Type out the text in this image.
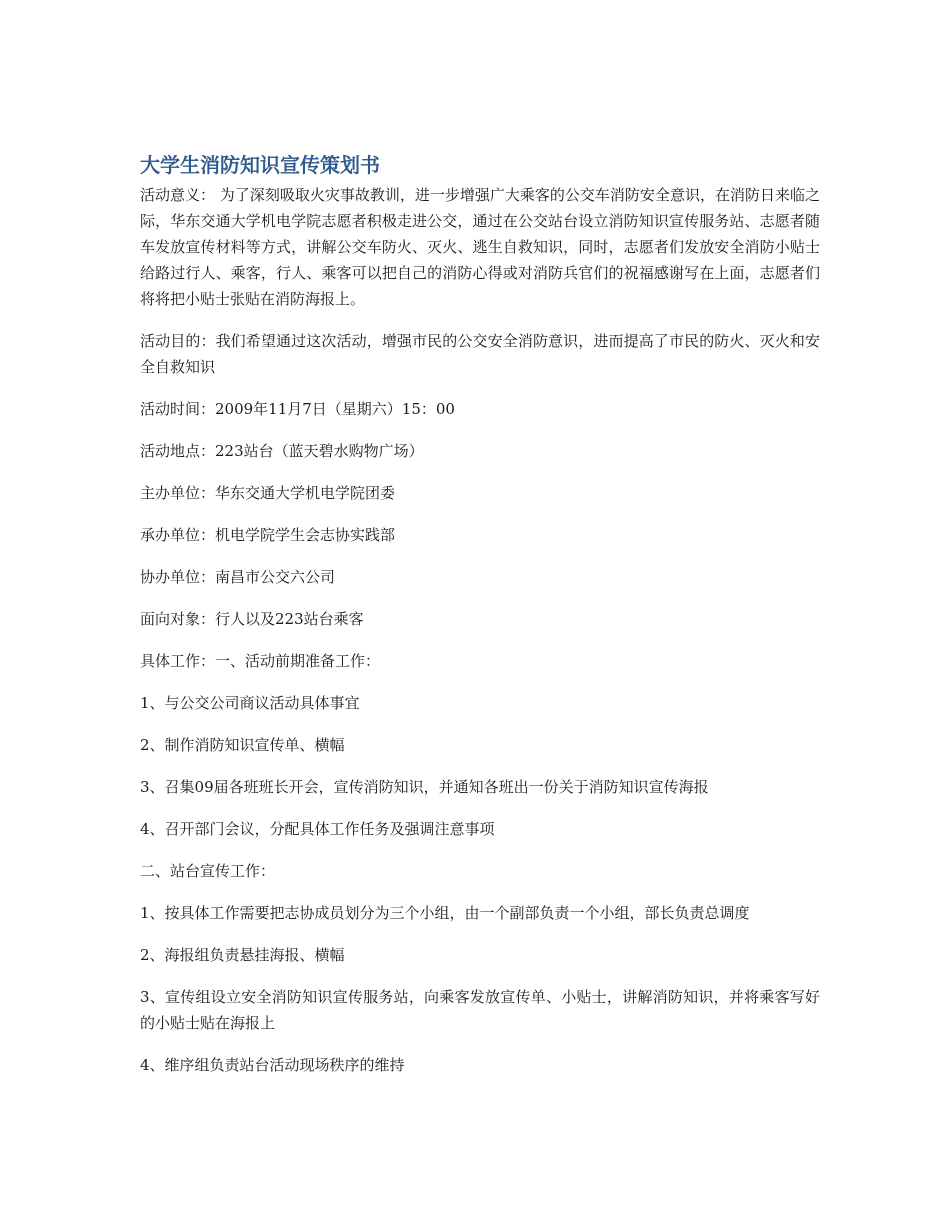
大学生消防知识宣传策划书

活动意义： 为了深刻吸取火灾事故教训，进一步增强广大乘客的公交车消防安全意识，在消防日来临之际，华东交通大学机电学院志愿者积极走进公交，通过在公交站台设立消防知识宣传服务站、志愿者随车发放宣传材料等方式，讲解公交车防火、灭火、逃生自救知识，同时，志愿者们发放安全消防小贴士给路过行人、乘客，行人、乘客可以把自己的消防心得或对消防兵官们的祝福感谢写在上面，志愿者们将将把小贴士张贴在消防海报上。

活动目的：我们希望通过这次活动，增强市民的公交安全消防意识，进而提高了市民的防火、灭火和安全自救知识

活动时间：2009年11月7日（星期六）15：00

活动地点：223站台（蓝天碧水购物广场）

主办单位：华东交通大学机电学院团委

承办单位：机电学院学生会志协实践部

协办单位：南昌市公交六公司

面向对象：行人以及223站台乘客

具体工作：一、活动前期准备工作：

1、与公交公司商议活动具体事宜

2、制作消防知识宣传单、横幅

3、召集09届各班班长开会，宣传消防知识，并通知各班出一份关于消防知识宣传海报

4、召开部门会议，分配具体工作任务及强调注意事项

二、站台宣传工作：

1、按具体工作需要把志协成员划分为三个小组，由一个副部负责一个小组，部长负责总调度

2、海报组负责悬挂海报、横幅

3、宣传组设立安全消防知识宣传服务站，向乘客发放宣传单、小贴士，讲解消防知识，并将乘客写好的小贴士贴在海报上

4、维序组负责站台活动现场秩序的维持
